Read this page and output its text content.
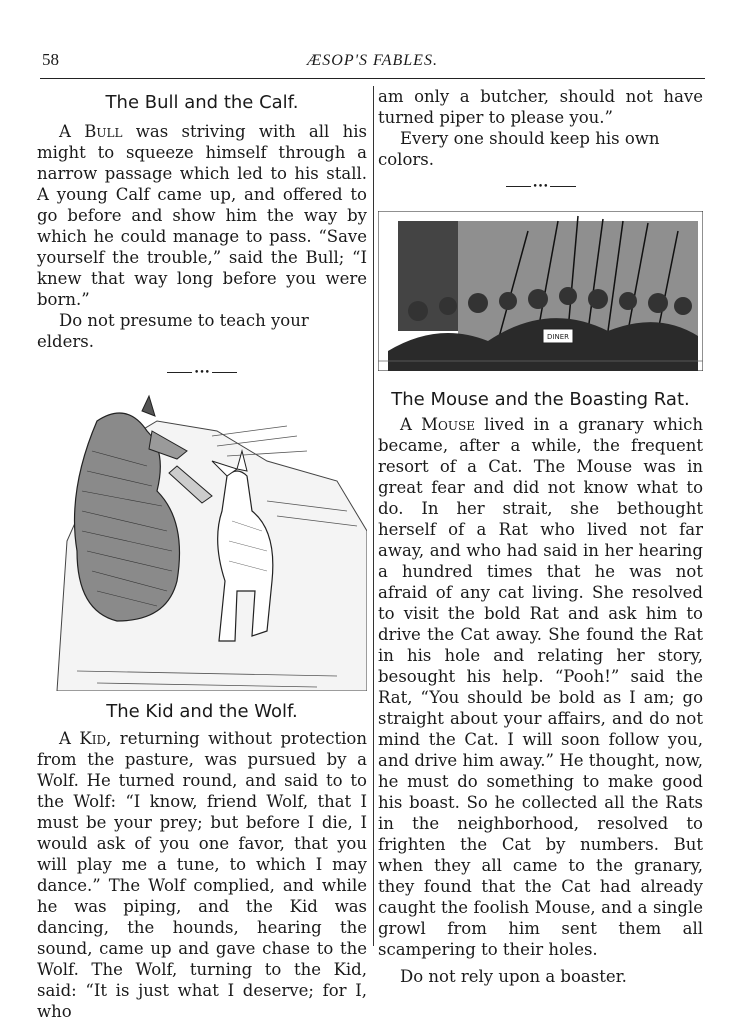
58	ÆSOP'S FABLES.
The Bull and the Calf.

A Bull was striving with all his might to squeeze himself through a narrow passage which led to his stall. A young Calf came up, and offered to go before and show him the way by which he could manage to pass. “Save yourself the trouble,” said the Bull; “I knew that way long before you were born.”

Do not presume to teach your elders.

•••
The Kid and the Wolf.

A Kid, returning without protection from the pasture, was pursued by a Wolf. He turned round, and said to to the Wolf: “I know, friend Wolf, that I must be your prey; but before I die, I would ask of you one favor, that you will play me a tune, to which I may dance.” The Wolf complied, and while he was piping, and the Kid was dancing, the hounds, hearing the sound, came up and gave chase to the Wolf. The Wolf, turning to the Kid, said: “It is just what I deserve; for I, who

am only a butcher, should not have turned piper to please you.”

Every one should keep his own colors.

•••
DINER
The Mouse and the Boasting Rat.

A Mouse lived in a granary which became, after a while, the frequent resort of a Cat. The Mouse was in great fear and did not know what to do. In her strait, she bethought herself of a Rat who lived not far away, and who had said in her hearing a hundred times that he was not afraid of any cat living. She resolved to visit the bold Rat and ask him to drive the Cat away. She found the Rat in his hole and relating her story, besought his help. “Pooh!” said the Rat, “You should be bold as I am; go straight about your affairs, and do not mind the Cat. I will soon follow you, and drive him away.” He thought, now, he must do something to make good his boast. So he collected all the Rats in the neighborhood, resolved to frighten the Cat by numbers. But when they all came to the granary, they found that the Cat had already caught the foolish Mouse, and a single growl from him sent them all scampering to their holes.

Do not rely upon a boaster.
